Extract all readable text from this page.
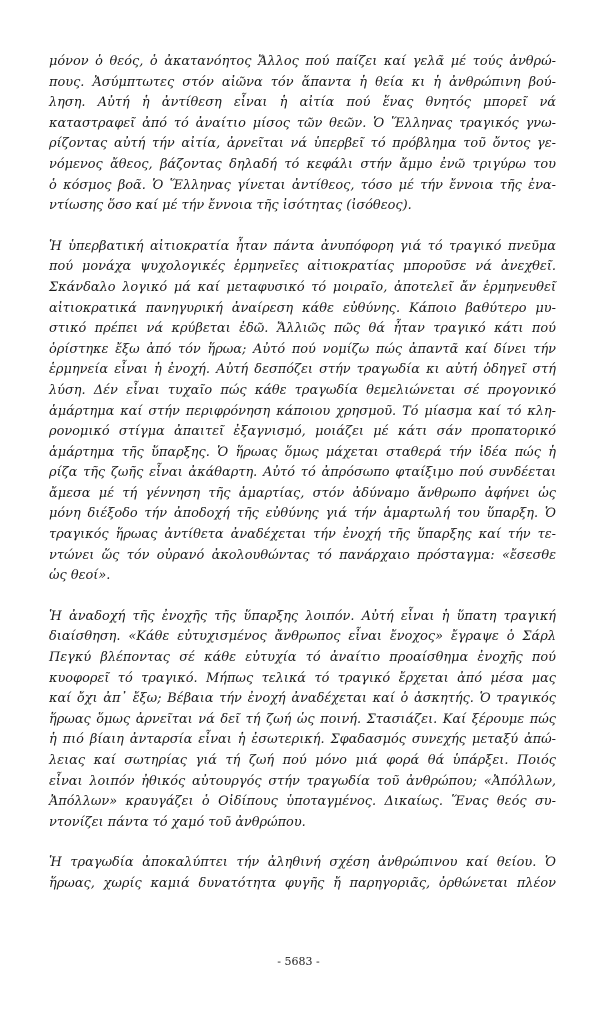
μόνον ὁ θεός, ὁ ἀκατανόητος Ἄλλος πού παίζει καί γελᾶ μέ τούς ἀνθρώ-
πους. Ἀσύμπτωτες στόν αἰῶνα τόν ἅπαντα ἡ θεία κι ἡ ἀνθρώπινη βού-
ληση. Αὐτή ἡ ἀντίθεση εἶναι ἡ αἰτία πού ἕνας θνητός μπορεῖ νά
καταστραφεῖ ἀπό τό ἀναίτιο μίσος τῶν θεῶν. Ὁ Ἕλληνας τραγικός γνω-
ρίζοντας αὐτή τήν αἰτία, ἀρνεῖται νά ὑπερβεῖ τό πρόβλημα τοῦ ὄντος γε-
νόμενος ἄθεος, βάζοντας δηλαδή τό κεφάλι στήν ἄμμο ἐνῶ τριγύρω του
ὁ κόσμος βοᾶ. Ὁ Ἕλληνας γίνεται ἀντίθεος, τόσο μέ τήν ἔννοια τῆς ἐνα-
ντίωσης ὅσο καί μέ τήν ἔννοια τῆς ἰσότητας (ἰσόθεος).
Ἡ ὑπερβατική αἰτιοκρατία ἦταν πάντα ἀνυπόφορη γιά τό τραγικό πνεῦμα
πού μονάχα ψυχολογικές ἑρμηνεῖες αἰτιοκρατίας μποροῦσε νά ἀνεχθεῖ.
Σκάνδαλο λογικό μά καί μεταφυσικό τό μοιραῖο, ἀποτελεῖ ἄν ἑρμηνευθεῖ
αἰτιοκρατικά πανηγυρική ἀναίρεση κάθε εὐθύνης. Κάποιο βαθύτερο μυ-
στικό πρέπει νά κρύβεται ἐδῶ. Ἄλλιῶς πῶς θά ἦταν τραγικό κάτι πού
ὁρίστηκε ἔξω ἀπό τόν ἥρωα; Αὐτό πού νομίζω πώς ἀπαντᾶ καί δίνει τήν
ἑρμηνεία εἶναι ἡ ἐνοχή. Αὐτή δεσπόζει στήν τραγωδία κι αὐτή ὁδηγεῖ στή
λύση. Δέν εἶναι τυχαῖο πώς κάθε τραγωδία θεμελιώνεται σέ προγονικό
ἁμάρτημα καί στήν περιφρόνηση κάποιου χρησμοῦ. Τό μίασμα καί τό κλη-
ρονομικό στίγμα ἀπαιτεῖ ἐξαγνισμό, μοιάζει μέ κάτι σάν προπατορικό
ἁμάρτημα τῆς ὕπαρξης. Ὁ ἥρωας ὅμως μάχεται σταθερά τήν ἰδέα πώς ἡ
ρίζα τῆς ζωῆς εἶναι ἀκάθαρτη. Αὐτό τό ἀπρόσωπο φταίξιμο πού συνδέεται
ἄμεσα μέ τή γέννηση τῆς ἁμαρτίας, στόν ἀδύναμο ἄνθρωπο ἀφήνει ὡς
μόνη διέξοδο τήν ἀποδοχή τῆς εὐθύνης γιά τήν ἁμαρτωλή του ὕπαρξη. Ὁ
τραγικός ἥρωας ἀντίθετα ἀναδέχεται τήν ἐνοχή τῆς ὕπαρξης καί τήν τε-
ντώνει ὥς τόν οὐρανό ἀκολουθώντας τό πανάρχαιο πρόσταγμα: «ἔσεσθε
ὡς θεοί».
Ἡ ἀναδοχή τῆς ἐνοχῆς τῆς ὕπαρξης λοιπόν. Αὐτή εἶναι ἡ ὕπατη τραγική
διαίσθηση. «Κάθε εὐτυχισμένος ἄνθρωπος εἶναι ἔνοχος» ἔγραψε ὁ Σάρλ
Πεγκύ βλέποντας σέ κάθε εὐτυχία τό ἀναίτιο προαίσθημα ἐνοχῆς πού
κυοφορεῖ τό τραγικό. Μήπως τελικά τό τραγικό ἔρχεται ἀπό μέσα μας
καί ὄχι ἀπ᾽ ἔξω; Βέβαια τήν ἐνοχή ἀναδέχεται καί ὁ ἀσκητής. Ὁ τραγικός
ἥρωας ὅμως ἀρνεῖται νά δεῖ τή ζωή ὡς ποινή. Στασιάζει. Καί ξέρουμε πώς
ἡ πιό βίαιη ἀνταρσία εἶναι ἡ ἐσωτερική. Σφαδασμός συνεχής μεταξύ ἀπώ-
λειας καί σωτηρίας γιά τή ζωή πού μόνο μιά φορά θά ὑπάρξει. Ποιός
εἶναι λοιπόν ἠθικός αὐτουργός στήν τραγωδία τοῦ ἀνθρώπου; «Ἀπόλλων,
Ἀπόλλων» κραυγάζει ὁ Οἰδίπους ὑποταγμένος. Δικαίως. Ἕνας θεός συ-
ντονίζει πάντα τό χαμό τοῦ ἀνθρώπου.
Ἡ τραγωδία ἀποκαλύπτει τήν ἀληθινή σχέση ἀνθρώπινου καί θείου. Ὁ
ἥρωας, χωρίς καμιά δυνατότητα φυγῆς ἤ παρηγοριᾶς, ὀρθώνεται πλέον
- 5683 -
